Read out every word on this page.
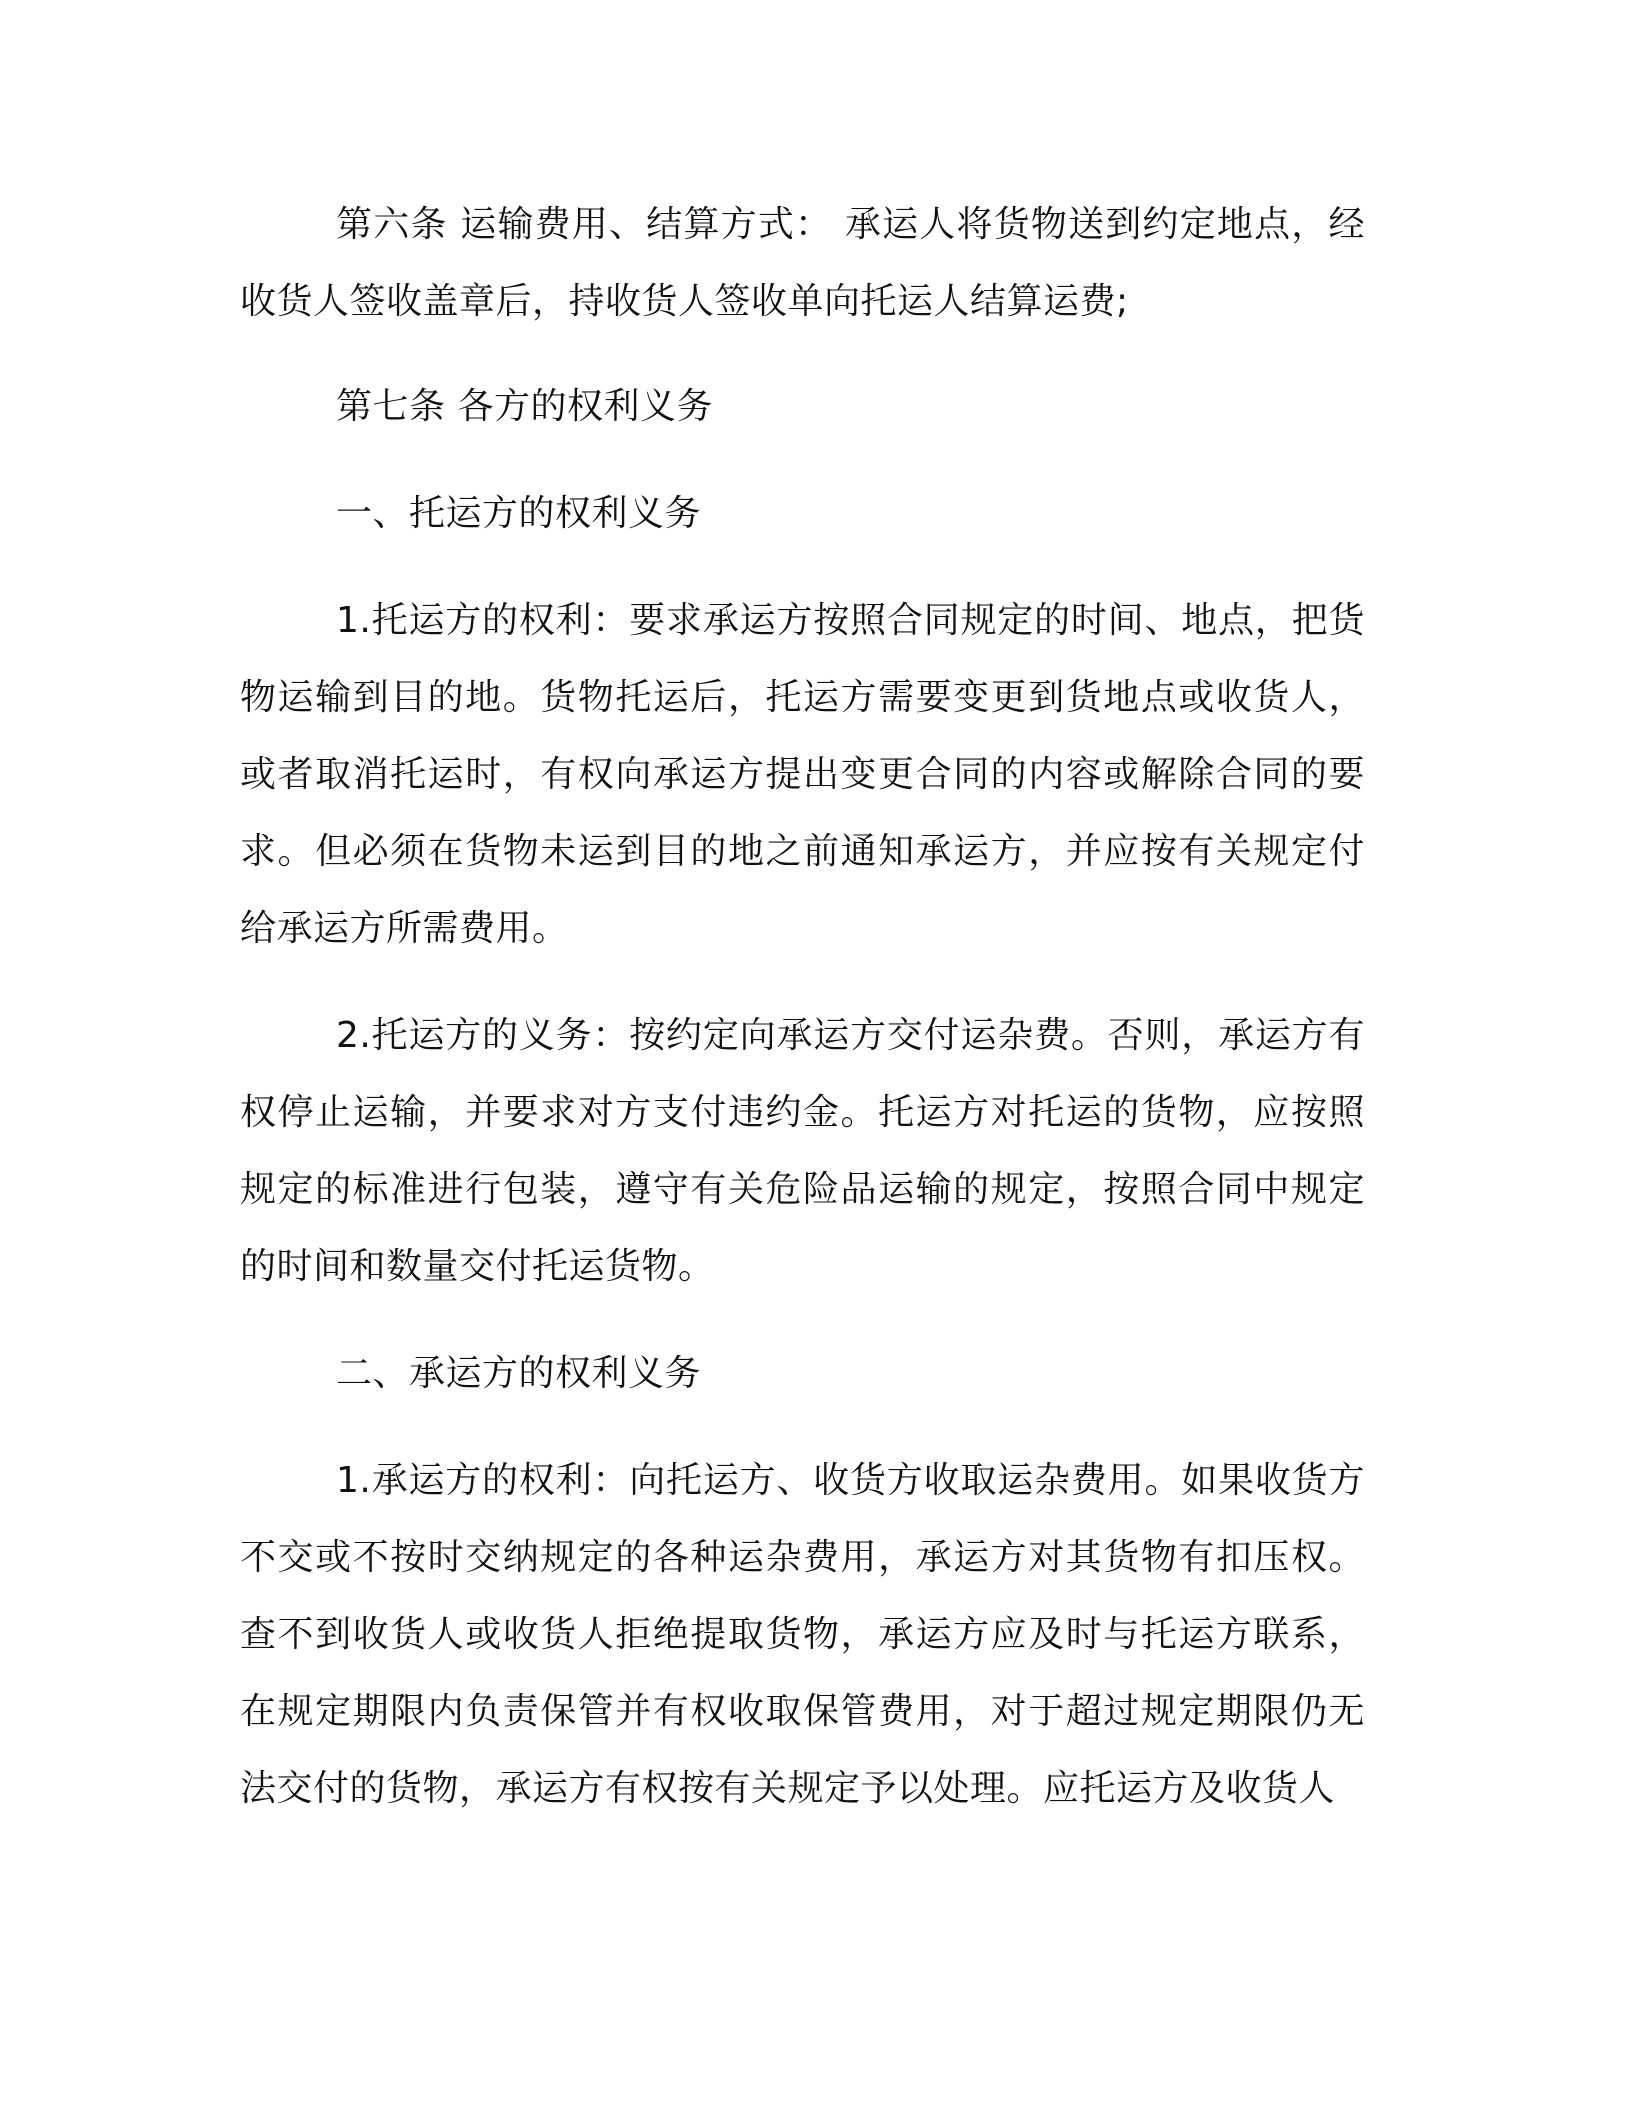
第六条 运输费用、结算方式： 承运人将货物送到约定地点，经收货人签收盖章后，持收货人签收单向托运人结算运费;

第七条 各方的权利义务

一、托运方的权利义务

1.托运方的权利：要求承运方按照合同规定的时间、地点，把货物运输到目的地。货物托运后，托运方需要变更到货地点或收货人，或者取消托运时，有权向承运方提出变更合同的内容或解除合同的要求。但必须在货物未运到目的地之前通知承运方，并应按有关规定付给承运方所需费用。

2.托运方的义务：按约定向承运方交付运杂费。否则，承运方有权停止运输，并要求对方支付违约金。托运方对托运的货物，应按照规定的标准进行包装，遵守有关危险品运输的规定，按照合同中规定的时间和数量交付托运货物。

二、承运方的权利义务

1.承运方的权利：向托运方、收货方收取运杂费用。如果收货方不交或不按时交纳规定的各种运杂费用，承运方对其货物有扣压权。查不到收货人或收货人拒绝提取货物，承运方应及时与托运方联系，在规定期限内负责保管并有权收取保管费用，对于超过规定期限仍无法交付的货物，承运方有权按有关规定予以处理。应托运方及收货人
